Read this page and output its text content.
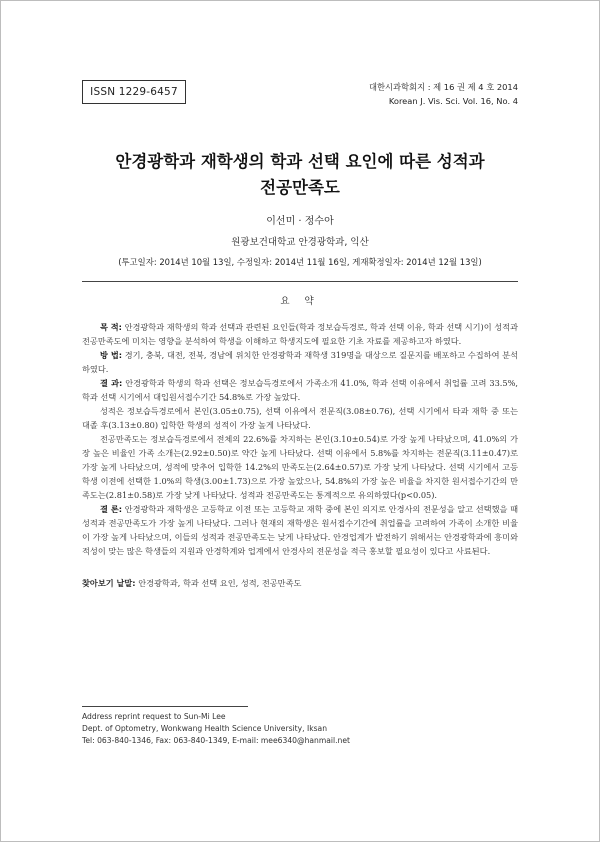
ISSN 1229-6457	대한시과학회지 : 제 16 권 제 4 호 2014
Korean J. Vis. Sci. Vol. 16, No. 4
안경광학과 재학생의 학과 선택 요인에 따른 성적과
전공만족도
이선미 · 정수아
원광보건대학교 안경광학과, 익산
(투고일자: 2014년 10월 13일, 수정일자: 2014년 11월 16일, 게재확정일자: 2014년 12월 13일)
요 약

목 적: 안경광학과 재학생의 학과 선택과 관련된 요인들(학과 정보습득경로, 학과 선택 이유, 학과 선택 시기)이 성적과 전공만족도에 미치는 영향을 분석하여 학생을 이해하고 학생지도에 필요한 기초 자료를 제공하고자 하였다.

방 법: 경기, 충북, 대전, 전북, 경남에 위치한 안경광학과 재학생 319명을 대상으로 질문지를 배포하고 수집하여 분석하였다.

결 과: 안경광학과 학생의 학과 선택은 정보습득경로에서 가족소개 41.0%, 학과 선택 이유에서 취업률 고려 33.5%, 학과 선택 시기에서 대입원서접수기간 54.8%로 가장 높았다.

성적은 정보습득경로에서 본인(3.05±0.75), 선택 이유에서 전문직(3.08±0.76), 선택 시기에서 타과 재학 중 또는 대졸 후(3.13±0.80) 입학한 학생의 성적이 가장 높게 나타났다.

전공만족도는 정보습득경로에서 전체의 22.6%를 차지하는 본인(3.10±0.54)로 가장 높게 나타났으며, 41.0%의 가장 높은 비율인 가족 소개는(2.92±0.50)로 약간 높게 나타났다. 선택 이유에서 5.8%를 차지하는 전문직(3.11±0.47)로 가장 높게 나타났으며, 성적에 맞추어 입학한 14.2%의 만족도는(2.64±0.57)로 가장 낮게 나타났다. 선택 시기에서 고등학생 이전에 선택한 1.0%의 학생(3.00±1.73)으로 가장 높았으나, 54.8%의 가장 높은 비율을 차지한 원서접수기간의 만족도는(2.81±0.58)로 가장 낮게 나타났다. 성적과 전공만족도는 통계적으로 유의하였다(p<0.05).

결 론: 안경광학과 재학생은 고등학교 이전 또는 고등학교 재학 중에 본인 의지로 안경사의 전문성을 알고 선택했을 때 성적과 전공만족도가 가장 높게 나타났다. 그러나 현재의 재학생은 원서접수기간에 취업률을 고려하여 가족이 소개한 비율이 가장 높게 나타났으며, 이들의 성적과 전공만족도는 낮게 나타났다. 안경업계가 발전하기 위해서는 안경광학과에 흥미와 적성이 맞는 많은 학생들의 지원과 안경학계와 업계에서 안경사의 전문성을 적극 홍보할 필요성이 있다고 사료된다.

찾아보기 낱말: 안경광학과, 학과 선택 요인, 성적, 전공만족도
Address reprint request to Sun-Mi Lee
Dept. of Optometry, Wonkwang Health Science University, Iksan
Tel: 063-840-1346, Fax: 063-840-1349, E-mail: mee6340@hanmail.net
